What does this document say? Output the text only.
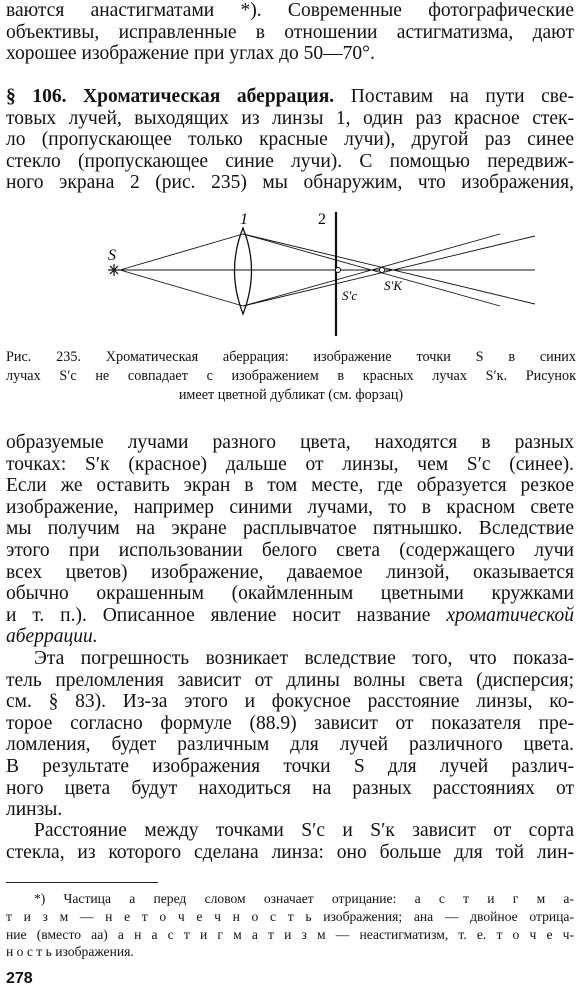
ваются анастигматами *). Современные фотографические
объективы, исправленные в отношении астигматизма, дают
хорошее изображение при углах до 50—70°.
§ 106. Хроматическая аберрация. Поставим на пути све-
товых лучей, выходящих из линзы 1, один раз красное стек-
ло (пропускающее только красные лучи), другой раз синее
стекло (пропускающее синие лучи). С помощью передвиж-
ного экрана 2 (рис. 235) мы обнаружим, что изображения,
S
1	2
S′c
S′K
Рис. 235. Хроматическая аберрация: изображение точки S в синих
лучах S′c не совпадает с изображением в красных лучах S′к. Рисунок
имеет цветной дубликат (см. форзац)
образуемые лучами разного цвета, находятся в разных
точках: S′к (красное) дальше от линзы, чем S′c (синее).
Если же оставить экран в том месте, где образуется резкое
изображение, например синими лучами, то в красном свете
мы получим на экране расплывчатое пятнышко. Вследствие
этого при использовании белого света (содержащего лучи
всех цветов) изображение, даваемое линзой, оказывается
обычно окрашенным (окаймленным цветными кружками
и т. п.). Описанное явление носит название хроматической
аберрации.
Эта погрешность возникает вследствие того, что показа-
тель преломления зависит от длины волны света (дисперсия;
см. § 83). Из-за этого и фокусное расстояние линзы, ко-
торое согласно формуле (88.9) зависит от показателя пре-
ломления, будет различным для лучей различного цвета.
В результате изображения точки S для лучей различ-
ного цвета будут находиться на разных расстояниях от
линзы.
Расстояние между точками S′c и S′к зависит от сорта
стекла, из которого сделана линза: оно больше для той лин-
*) Частица а перед словом означает отрицание: а с т и г м а-
т и з м — н е т о ч е ч н о с т ь изображения; ана — двойное отрица-
ние (вместо аа) а н а с т и г м а т и з м — неастигматизм, т. е. т о ч е ч-
н о с т ь изображения.
278
